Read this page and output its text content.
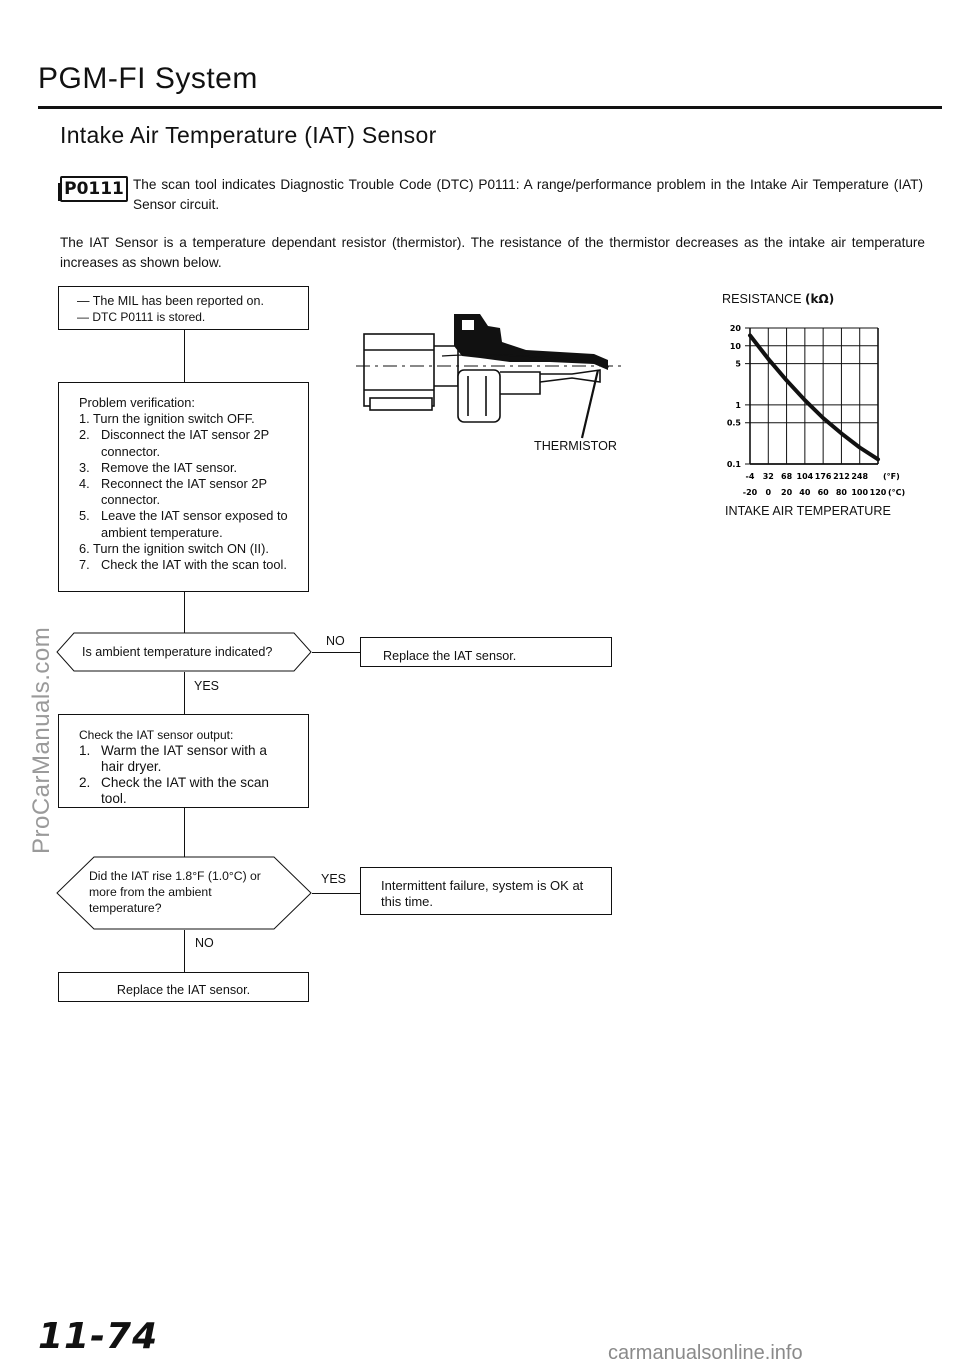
PGM-FI System
Intake Air Temperature (IAT) Sensor
P0111 The scan tool indicates Diagnostic Trouble Code (DTC) P0111: A range/performance problem in the Intake Air Temperature (IAT) Sensor circuit.
The IAT Sensor is a temperature dependant resistor (thermistor). The resistance of the thermistor decreases as the intake air temperature increases as shown below.
— The MIL has been reported on.
— DTC P0111 is stored.
Problem verification:
1. Turn the ignition switch OFF.
2. Disconnect the IAT sensor 2P connector.
3. Remove the IAT sensor.
4. Reconnect the IAT sensor 2P connector.
5. Leave the IAT sensor exposed to ambient temperature.
6. Turn the ignition switch ON (II).
7. Check the IAT with the scan tool.
Is ambient temperature indicated?
NO
Replace the IAT sensor.
YES
Check the IAT sensor output:
1. Warm the IAT sensor with a hair dryer.
2. Check the IAT with the scan tool.
Did the IAT rise 1.8°F (1.0°C) or more from the ambient temperature?
YES	Intermittent failure, system is OK at this time.
NO
Replace the IAT sensor.
THERMISTOR
RESISTANCE (kΩ)
20
10
5
1
0.5
0.1
-4 32 68 104 176 212 248 (°F)
-20 0 20 40 60 80 100 120 (°C)
INTAKE AIR TEMPERATURE
ProCarManuals.com
11-74	carmanualsonline.info
